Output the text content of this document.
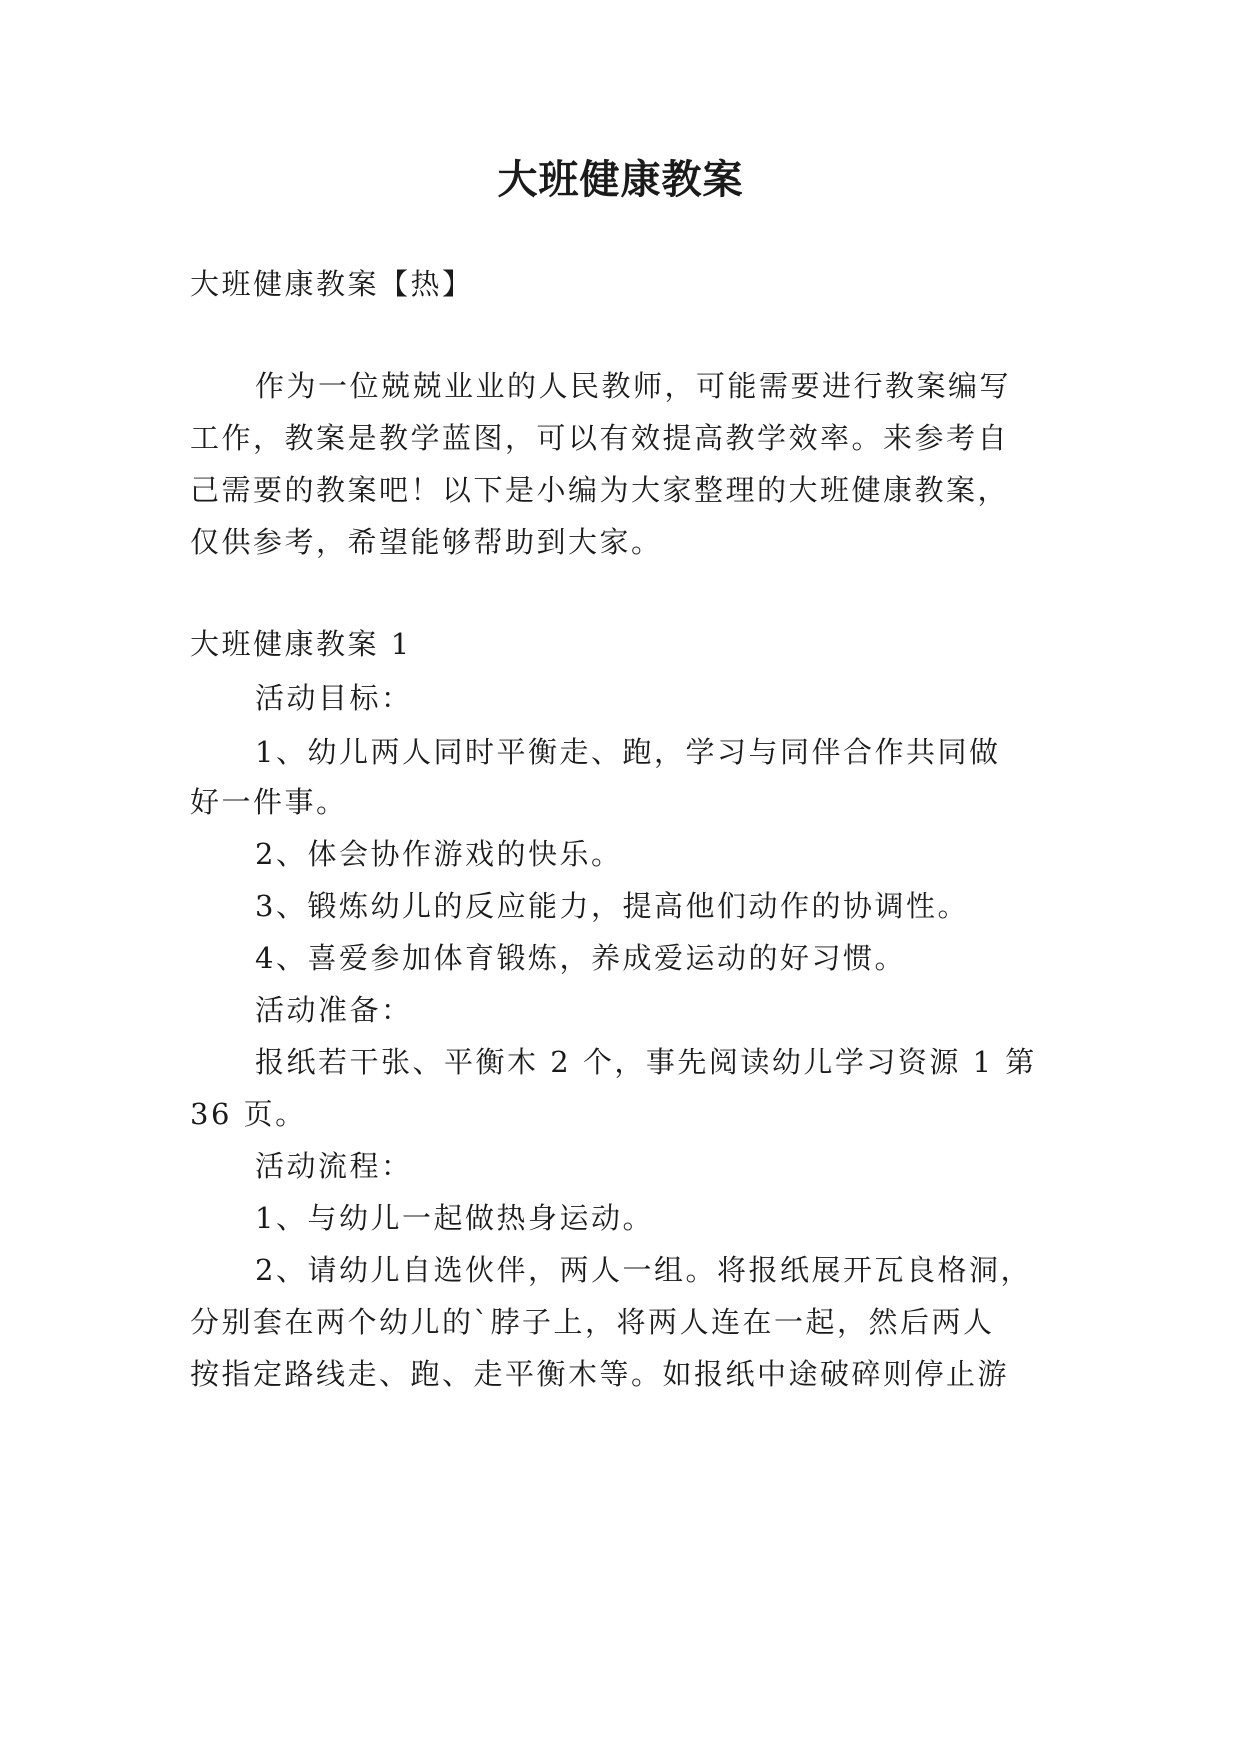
大班健康教案
大班健康教案【热】
作为一位兢兢业业的人民教师，可能需要进行教案编写
工作，教案是教学蓝图，可以有效提高教学效率。来参考自
己需要的教案吧！以下是小编为大家整理的大班健康教案，
仅供参考，希望能够帮助到大家。
大班健康教案 1
活动目标：
1、幼儿两人同时平衡走、跑，学习与同伴合作共同做
好一件事。
2、体会协作游戏的快乐。
3、锻炼幼儿的反应能力，提高他们动作的协调性。
4、喜爱参加体育锻炼，养成爱运动的好习惯。
活动准备：
报纸若干张、平衡木 2 个，事先阅读幼儿学习资源 1 第
36 页。
活动流程：
1、与幼儿一起做热身运动。
2、请幼儿自选伙伴，两人一组。将报纸展开瓦良格洞，
分别套在两个幼儿的`脖子上，将两人连在一起，然后两人
按指定路线走、跑、走平衡木等。如报纸中途破碎则停止游
